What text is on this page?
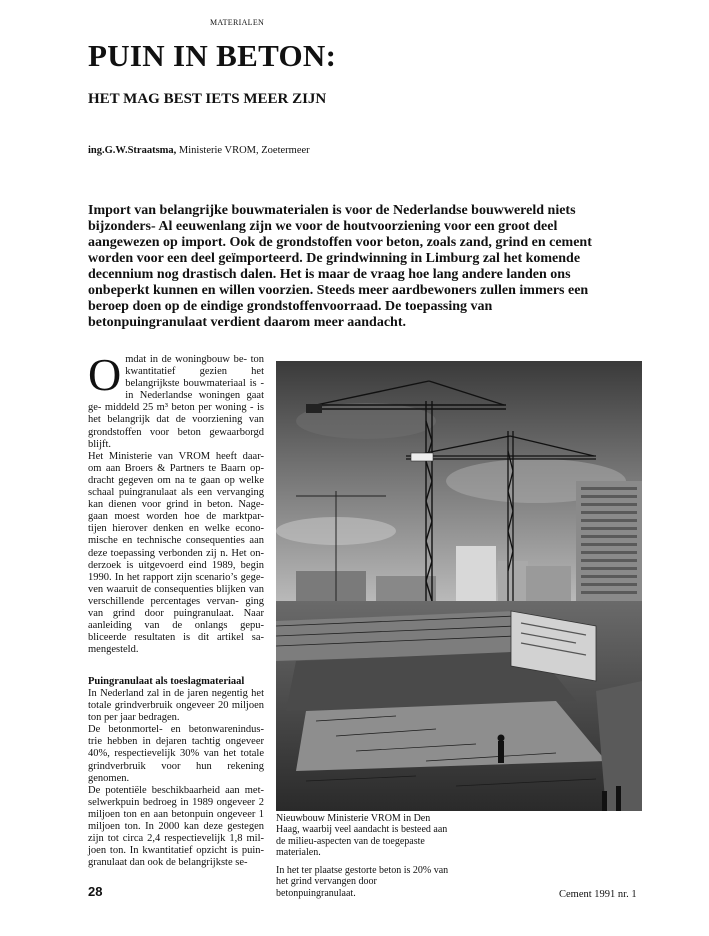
MATERIALEN
PUIN IN BETON:
HET MAG BEST IETS MEER ZIJN
ing.G.W.Straatsma, Ministerie VROM, Zoetermeer
Import van belangrijke bouwmaterialen is voor de Nederlandse bouwwereld niets bijzonders- Al eeuwenlang zijn we voor de houtvoorziening voor een groot deel aangewezen op import. Ook de grondstoffen voor beton, zoals zand, grind en cement worden voor een deel geïmporteerd. De grindwinning in Limburg zal het komende decennium nog drastisch dalen. Het is maar de vraag hoe lang andere landen ons onbeperkt kunnen en willen voorzien. Steeds meer aardbewoners zullen immers een beroep doen op de eindige grondstoffenvoorraad. De toepassing van betonpuingranulaat verdient daarom meer aandacht.
O mdat in de woningbouw be- ton kwantitatief gezien het belangrijkste bouwmateriaal is - in Nederlandse woningen gaat ge- middeld 25 m³ beton per woning - is het belangrijk dat de voorziening van grondstoffen voor beton gewaarborgd blijft.

Het Ministerie van VROM heeft daar- om aan Broers & Partners te Baarn op- dracht gegeven om na te gaan op welke schaal puingranulaat als een vervanging kan dienen voor grind in beton. Nage- gaan moest worden hoe de marktpar- tijen hierover denken en welke econo- mische en technische consequenties aan deze toepassing verbonden zij n. Het on- derzoek is uitgevoerd eind 1989, begin 1990. In het rapport zijn scenario’s gege- ven waaruit de consequenties blijken van verschillende percentages vervan- ging van grind door puingranulaat. Naar aanleiding van de onlangs gepu- bliceerde resultaten is dit artikel sa- mengesteld.

Puingranulaat als toeslagmateriaal

In Nederland zal in de jaren negentig het totale grindverbruik ongeveer 20 miljoen ton per jaar bedragen.

De betonmortel- en betonwarenindus- trie hebben in dejaren tachtig ongeveer 40%, respectievelijk 30% van het totale grindverbruik voor hun rekening genomen.

De potentiële beschikbaarheid aan met- selwerkpuin bedroeg in 1989 ongeveer 2 miljoen ton en aan betonpuin ongeveer 1 miljoen ton. In 2000 kan deze gestegen zijn tot circa 2,4 respectievelijk 1,8 mil- joen ton. In kwantitatief opzicht is puin- granulaat dan ook de belangrijkste se-

Nieuwbouw Ministerie VROM in Den Haag, waarbij veel aandacht is besteed aan de milieu-aspecten van de toegepaste materialen.
In het ter plaatse gestorte beton is 20% van het grind vervangen door betonpuingranulaat.
28	Cement 1991 nr. 1
